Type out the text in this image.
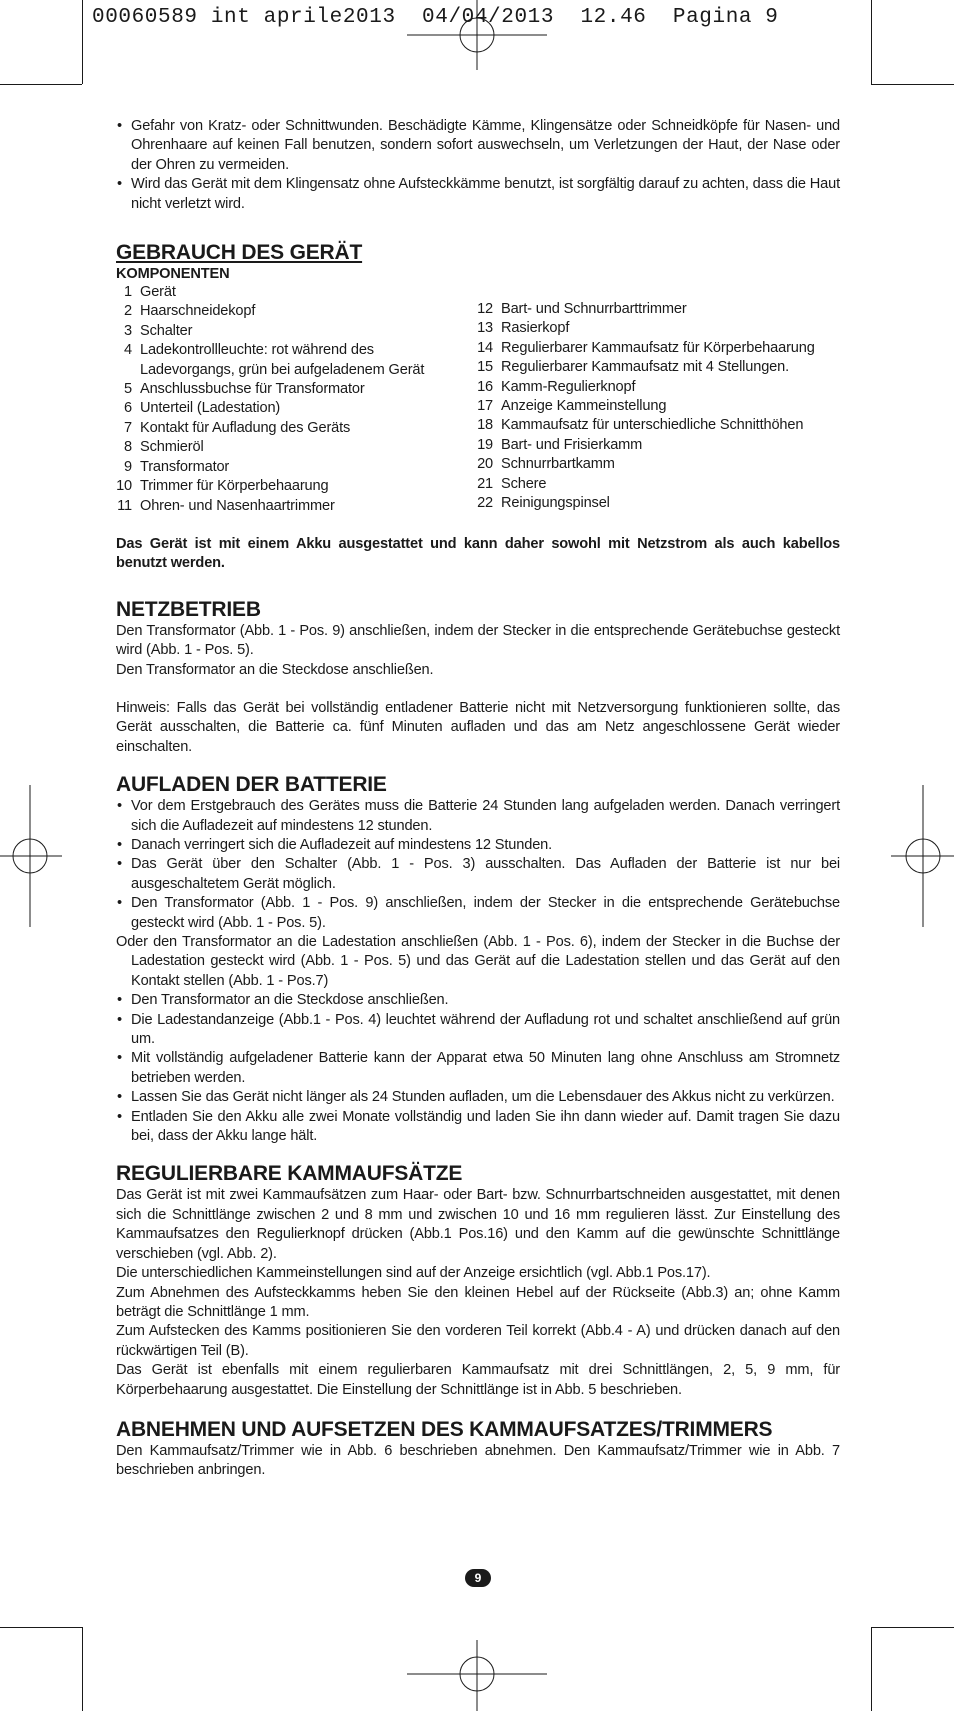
00060589 int aprile2013  04/04/2013  12.46  Pagina 9

• Gefahr von Kratz- oder Schnittwunden. Beschädigte Kämme, Klingensätze oder Schneidköpfe für Nasen- und Ohrenhaare auf keinen Fall benutzen, sondern sofort auswechseln, um Verletzungen der Haut, der Nase oder der Ohren zu vermeiden.

• Wird das Gerät mit dem Klingensatz ohne Aufsteckkämme benutzt, ist sorgfältig darauf zu achten, dass die Haut nicht verletzt wird.

GEBRAUCH DES GERÄT
KOMPONENTEN
1 Gerät
2 Haarschneidekopf
3 Schalter
4 Ladekontrollleuchte: rot während des
Ladevorgangs, grün bei aufgeladenem Gerät
5 Anschlussbuchse für Transformator
6 Unterteil (Ladestation)
7 Kontakt für Aufladung des Geräts
8 Schmieröl
9 Transformator
10 Trimmer für Körperbehaarung
11 Ohren- und Nasenhaartrimmer
12 Bart- und Schnurrbarttrimmer
13 Rasierkopf
14 Regulierbarer Kammaufsatz für Körperbehaarung
15 Regulierbarer Kammaufsatz mit 4 Stellungen.
16 Kamm-Regulierknopf
17 Anzeige Kammeinstellung
18 Kammaufsatz für unterschiedliche Schnitthöhen
19 Bart- und Frisierkamm
20 Schnurrbartkamm
21 Schere
22 Reinigungspinsel

Das Gerät ist mit einem Akku ausgestattet und kann daher sowohl mit Netzstrom als auch kabellos benutzt werden.

NETZBETRIEB

Den Transformator (Abb. 1 - Pos. 9) anschließen, indem der Stecker in die entsprechende Gerätebuchse gesteckt wird (Abb. 1 - Pos. 5).

Den Transformator an die Steckdose anschließen.

Hinweis: Falls das Gerät bei vollständig entladener Batterie nicht mit Netzversorgung funktionieren sollte, das Gerät ausschalten, die Batterie ca. fünf Minuten aufladen und das am Netz angeschlossene Gerät wieder einschalten.

AUFLADEN DER BATTERIE

• Vor dem Erstgebrauch des Gerätes muss die Batterie 24 Stunden lang aufgeladen werden. Danach verringert sich die Aufladezeit auf mindestens 12 stunden.

• Danach verringert sich die Aufladezeit auf mindestens 12 Stunden.

• Das Gerät über den Schalter (Abb. 1 - Pos. 3) ausschalten. Das Aufladen der Batterie ist nur bei ausgeschaltetem Gerät möglich.

• Den Transformator (Abb. 1 - Pos. 9) anschließen, indem der Stecker in die entsprechende Gerätebuchse gesteckt wird (Abb. 1 - Pos. 5).

Oder den Transformator an die Ladestation anschließen (Abb. 1 - Pos. 6), indem der Stecker in die Buchse der Ladestation gesteckt wird (Abb. 1 - Pos. 5) und das Gerät auf die Ladestation stellen und das Gerät auf den Kontakt stellen (Abb. 1 - Pos.7)

• Den Transformator an die Steckdose anschließen.

• Die Ladestandanzeige (Abb.1 - Pos. 4) leuchtet während der Aufladung rot und schaltet anschließend auf grün um.

• Mit vollständig aufgeladener Batterie kann der Apparat etwa 50 Minuten lang ohne Anschluss am Stromnetz betrieben werden.

• Lassen Sie das Gerät nicht länger als 24 Stunden aufladen, um die Lebensdauer des Akkus nicht zu verkürzen.

• Entladen Sie den Akku alle zwei Monate vollständig und laden Sie ihn dann wieder auf. Damit tragen Sie dazu bei, dass der Akku lange hält.

REGULIERBARE KAMMAUFSÄTZE

Das Gerät ist mit zwei Kammaufsätzen zum Haar- oder Bart- bzw. Schnurrbartschneiden ausgestattet, mit denen sich die Schnittlänge zwischen 2 und 8 mm und zwischen 10 und 16 mm regulieren lässt. Zur Einstellung des Kammaufsatzes den Regulierknopf drücken (Abb.1 Pos.16) und den Kamm auf die gewünschte Schnittlänge verschieben (vgl. Abb. 2).

Die unterschiedlichen Kammeinstellungen sind auf der Anzeige ersichtlich (vgl. Abb.1 Pos.17).

Zum Abnehmen des Aufsteckkamms heben Sie den kleinen Hebel auf der Rückseite (Abb.3) an; ohne Kamm beträgt die Schnittlänge 1 mm.

Zum Aufstecken des Kamms positionieren Sie den vorderen Teil korrekt (Abb.4 - A) und drücken danach auf den rückwärtigen Teil (B).

Das Gerät ist ebenfalls mit einem regulierbaren Kammaufsatz mit drei Schnittlängen, 2, 5, 9 mm, für Körperbehaarung ausgestattet. Die Einstellung der Schnittlänge ist in Abb. 5 beschrieben.

ABNEHMEN UND AUFSETZEN DES KAMMAUFSATZES/TRIMMERS

Den Kammaufsatz/Trimmer wie in Abb. 6 beschrieben abnehmen. Den Kammaufsatz/Trimmer wie in Abb. 7 beschrieben anbringen.

9
